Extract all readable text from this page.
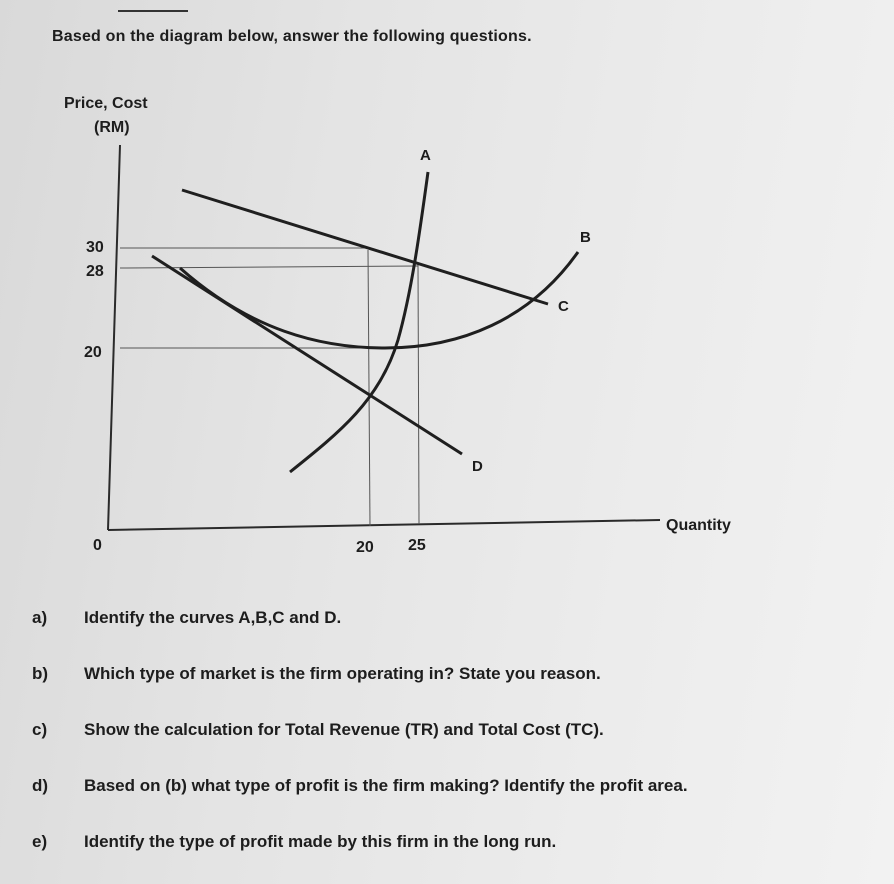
Based on the diagram below, answer the following questions.
Price, Cost
(RM)
30
28
20
0	20 25
Quantity
A
B
C
D
a) Identify the curves A,B,C and D.
b) Which type of market is the firm operating in? State you reason.
c) Show the calculation for Total Revenue (TR) and Total Cost (TC).
d) Based on (b) what type of profit is the firm making? Identify the profit area.
e) Identify the type of profit made by this firm in the long run.
